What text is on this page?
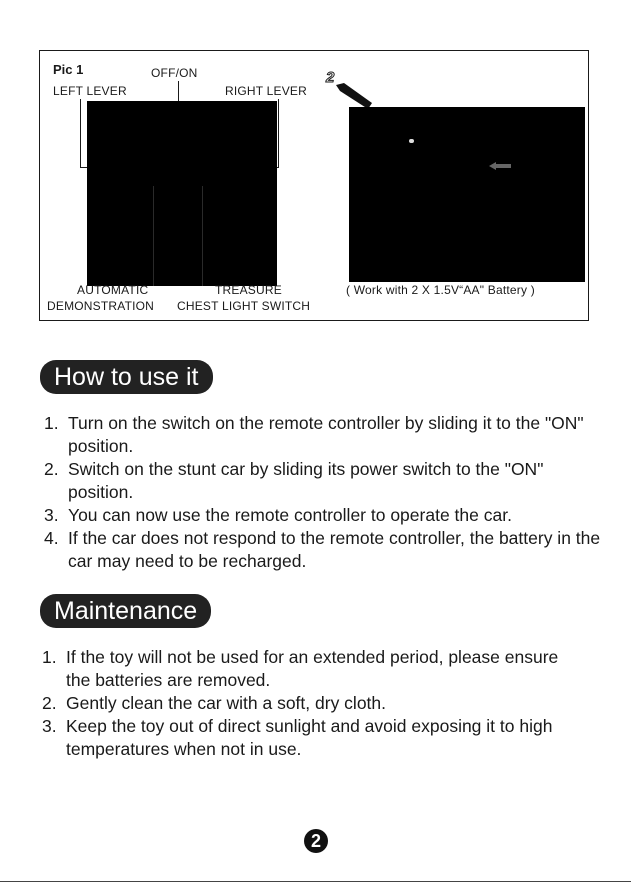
Pic 1	OFF/ON
LEFT LEVER	RIGHT LEVER
AUTOMATIC
DEMONSTRATION
TREASURE
CHEST LIGHT SWITCH
2
( Work with 2 X 1.5V“AA" Battery )
How to use it
1. Turn on the switch on the remote controller by sliding it to the "ON" position.
2. Switch on the stunt car by sliding its power switch to the "ON" position.
3. You can now use the remote controller to operate the car.
4. If the car does not respond to the remote controller, the battery in the car may need to be recharged.
Maintenance
1. If the toy will not be used for an extended period, please ensure the batteries are removed.
2. Gently clean the car with a soft, dry cloth.
3. Keep the toy out of direct sunlight and avoid exposing it to high temperatures when not in use.
2
